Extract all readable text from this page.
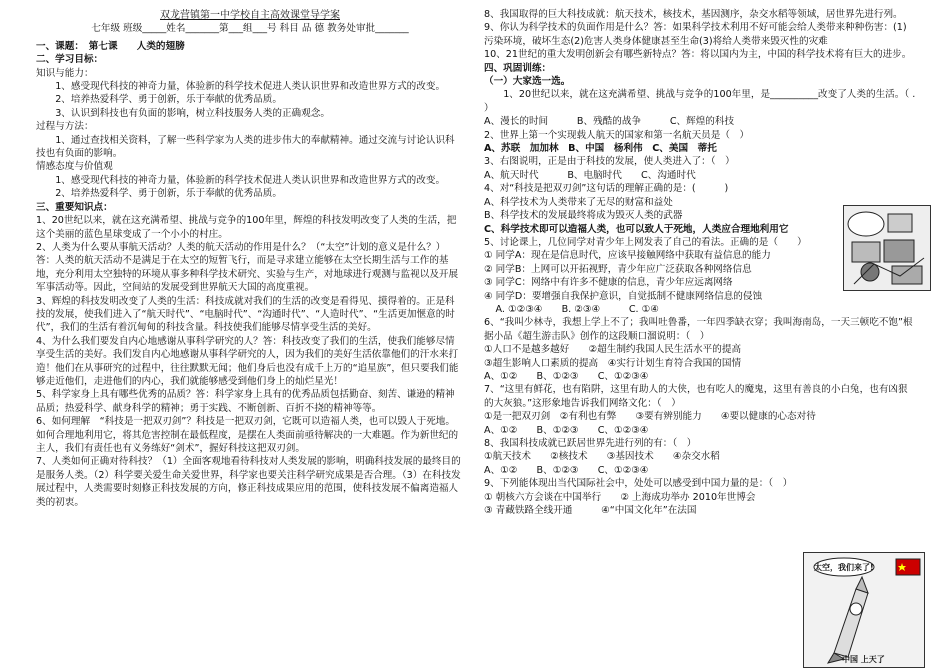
双龙营镇第一中学校自主高效课堂导学案

七年级 班级_____姓名_______第___组___号 科目 品 德 教务处审批_______

一、课题：　第七课　　人类的翅膀

二、学习目标：

知识与能力：

1、感受现代科技的神奇力量，体验新的科学技术促进人类认识世界和改造世界方式的改变。

2、培养热爱科学、勇于创新，乐于奉献的优秀品质。

3、认识到科技也有负面的影响，树立科技服务人类的正确观念。

过程与方法：

1、通过查找相关资料，了解一些科学家为人类的进步伟大的奉献精神。通过交流与讨论认识科技也有负面的影响。

情感态度与价值观

1、感受现代科技的神奇力量，体验新的科学技术促进人类认识世界和改造世界方式的改变。

2、培养热爱科学、勇于创新，乐于奉献的优秀品质。

三、重要知识点：

1、20世纪以来，就在这充满希望、挑战与竞争的100年里，辉煌的科技发明改变了人类的生活，把这个美丽的蓝色星球变成了一个小小的村庄。

2、人类为什么要从事航天活动？人类的航天活动的作用是什么？（“太空”计划的意义是什么？）答：人类的航天活动不是满足于在太空的短暂飞行，而是寻求建立能够在太空长期生活与工作的基地，充分利用太空独特的环境从事多种科学技术研究、实验与生产，对地球进行观测与监视以及开展军事活动等。因此，空间站的发展受到世界航天大国的高度重视。

3、辉煌的科技发明改变了人类的生活：科技成就对我们的生活的改变是看得见、摸得着的。正是科技的发展，使我们进入了“航天时代”、“电脑时代”、“沟通时代”、“人造时代”、“生活更加惬意的时代”，我们的生活有着沉甸甸的科技含量。科技使我们能够尽情享受生活的美好。

4、为什么我们要发自内心地感谢从事科学研究的人？答：科技改变了我们的生活，使我们能够尽情享受生活的美好。我们发自内心地感谢从事科学研究的人，因为我们的美好生活依靠他们的汗水来打造！他们在从事研究的过程中，往往默默无闻；他们身后也没有成千上万的“追星族”，但只要我们能够走近他们，走进他们的内心，我们就能够感受到他们身上的灿烂星光！

5、科学家身上具有哪些优秀的品质？答：科学家身上具有的优秀品质包括勤奋、刻苦、谦逊的精神品质；热爱科学、献身科学的精神；勇于实践、不断创新、百折不挠的精神等等。

6、如何理解　“科技是一把双刃剑”？科技是一把双刃剑，它既可以造福人类，也可以毁人于死地。如何合理地利用它，将其危害控制在最低程度，是摆在人类面前亟待解决的一大难题。作为新世纪的主人，我们有责任也有义务练好“剑术”，握好科技这把双刃剑。

7、人类如何正确对待科技？（1）全面客观地看待科技对人类发展的影响，明确科技发展的最终目的是服务人类。（2）科学要关爱生命关爱世界，科学家也要关注科学研究成果是否合理。（3）在科技发展过程中，人类需要时刻修正科技发展的方向，修正科技成果应用的范围，使科技发展不偏离造福人类的初衷。

8、我国取得的巨大科技成就：航天技术，核技术，基因测序，杂交水稻等领域，居世界先进行列。

9、你认为科学技术的负面作用是什么？答：如果科学技术利用不好可能会给人类带来种种伤害：(1)污染环境，破坏生态(2)危害人类身体健康甚至生命(3)将给人类带来毁灭性的灾难

10、21世纪的重大发明创新会有哪些新特点？答：将以国内为主，中国的科学技术将有巨大的进步。

四、巩固训练：

（一）大家选一选。

1、20世纪以来，就在这充满希望、挑战与竞争的100年里，是__________改变了人类的生活。（ . ）

A、漫长的时间　　　B、残酷的战争　　　C、辉煌的科技

2、世界上第一个实现载人航天的国家和第一名航天员是（　）

A、苏联　加加林　B、中国　杨利伟　C、美国　蒂托

3、右图说明，正是由于科技的发展，使人类进入了：（　）

A、航天时代　　　B、电脑时代　　C、沟通时代

4、对“科技是把双刃剑”这句话的理解正确的是：(　　　)

A、科学技术为人类带来了无尽的财富和益处

B、科学技术的发展最终将成为毁灭人类的武器

C、科学技术即可以造福人类，也可以致人于死地，人类应合理地利用它

5、讨论课上，几位同学对青少年上网发表了自己的看法。正确的是（　　）

① 同学A：现在是信息时代，应该早接触网络中获取有益信息的能力

② 同学B：上网可以开拓视野，青少年应广泛获取各种网络信息

③ 同学C：网络中有许多不健康的信息，青少年应远离网络

④ 同学D：要增强自我保护意识，自觉抵制不健康网络信息的侵蚀

A. ①②③④　　B. ②③④　　　C. ①④

6、“我叫少林寺，我想上学上不了；我叫吐鲁番，一年四季缺衣穿；我叫海南岛，一天三顿吃不饱”根据小品《超生游击队》创作的这段顺口溜说明：（　）

①人口不是越多越好　　②超生制约我国人民生活水平的提高

③超生影响人口素质的提高　④实行计划生育符合我国的国情

A、①②　　B、①②③　　C、①②③④

7、“这里有鲜花，也有陷阱，这里有助人的大侠，也有吃人的魔鬼，这里有善良的小白兔，也有凶狠的大灰狼。”这形象地告诉我们网络文化：（　）

①是一把双刃剑　②有利也有弊　　③要有辨别能力　　④要以健康的心态对待

A、①②　　B、①②③　　C、①②③④

8、我国科技成就已跃居世界先进行列的有：（　）

①航天技术　　②核技术　　③基因技术　　④杂交水稻

A、①②　　B、①②③　　C、①②③④

9、下列能体现出当代国际社会中，处处可以感受到中国力量的是：（　）

① 朝核六方会谈在中国举行　　② 上海成功举办 2010年世博会

③ 青藏铁路全线开通　　　④“中国文化年”在法国

太空，我们来了!
中国 上天了
